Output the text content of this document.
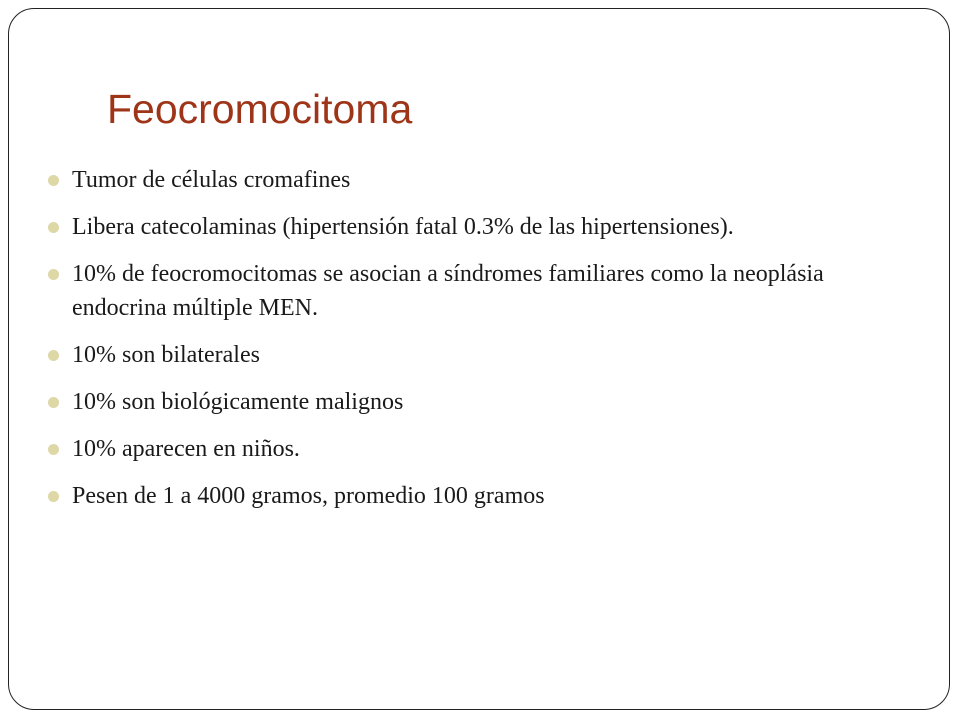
Feocromocitoma
Tumor de células cromafines
Libera catecolaminas (hipertensión fatal 0.3% de las hipertensiones).
10% de feocromocitomas se asocian a síndromes familiares como la neoplásia endocrina múltiple MEN.
10% son bilaterales
10% son biológicamente malignos
10% aparecen en niños.
Pesen de 1 a 4000 gramos, promedio 100 gramos
